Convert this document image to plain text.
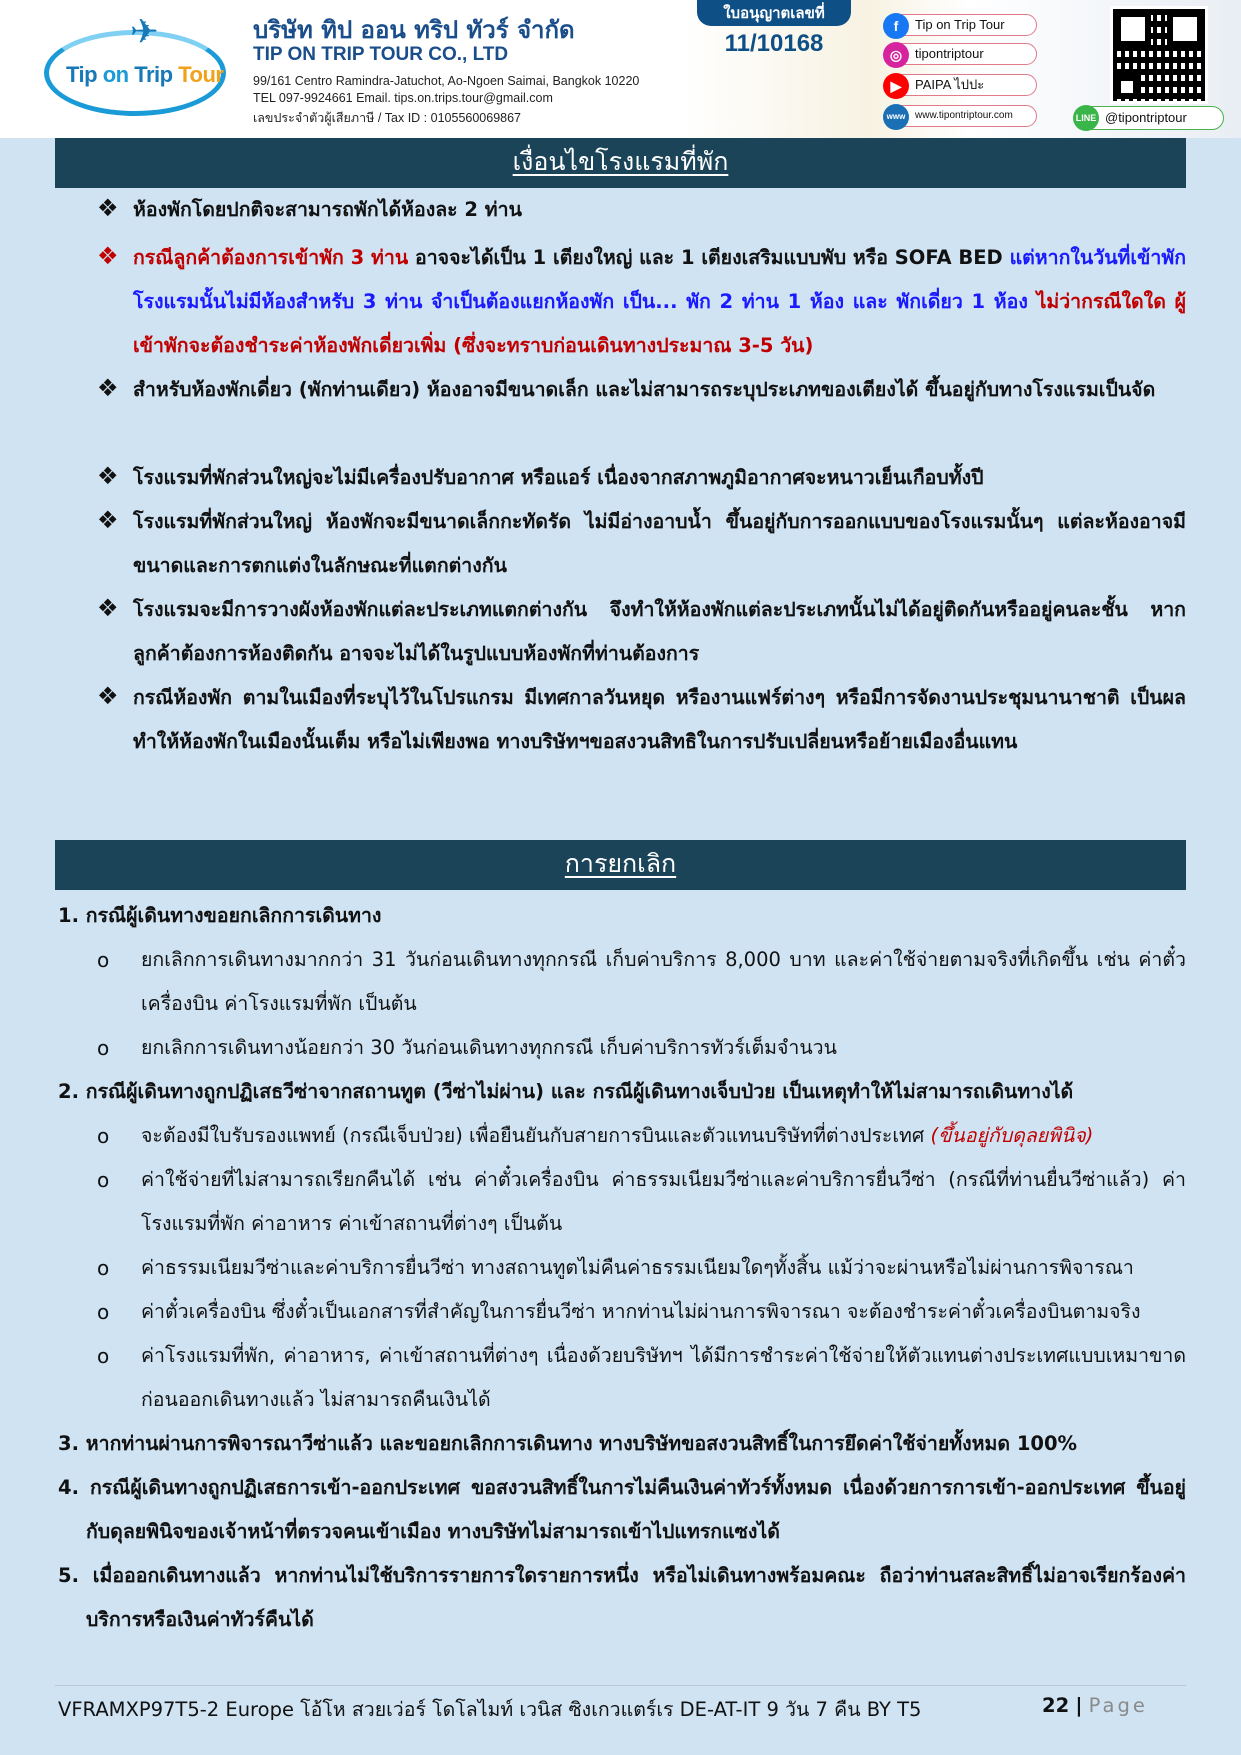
✈
Tip on Trip Tour
บริษัท ทิป ออน ทริป ทัวร์ จำกัด
TIP ON TRIP TOUR CO., LTD
99/161 Centro Ramindra-Jatuchot, Ao-Ngoen Saimai, Bangkok 10220
TEL 097-9924661 Email. tips.on.trips.tour@gmail.com
เลขประจำตัวผู้เสียภาษี / Tax ID : 0105560069867
ใบอนุญาตเลขที่
11/10168
f	Tip on Trip Tour
◎ tipontriptour
▶	PAIPA ไปปะ
www www.tipontriptour.com	LINE @tipontriptour
เงื่อนไขโรงแรมที่พัก
❖ ห้องพักโดยปกติจะสามารถพักได้ห้องละ 2 ท่าน
❖ กรณีลูกค้าต้องการเข้าพัก 3 ท่าน อาจจะได้เป็น 1 เตียงใหญ่ และ 1 เตียงเสริมแบบพับ หรือ SOFA BED แต่หากในวันที่เข้าพักโรงแรมนั้นไม่มีห้องสำหรับ 3 ท่าน จำเป็นต้องแยกห้องพัก เป็น... พัก 2 ท่าน 1 ห้อง และ พักเดี่ยว 1 ห้อง ไม่ว่ากรณีใดใด ผู้เข้าพักจะต้องชำระค่าห้องพักเดี่ยวเพิ่ม (ซึ่งจะทราบก่อนเดินทางประมาณ 3-5 วัน)
❖ สำหรับห้องพักเดี่ยว (พักท่านเดียว) ห้องอาจมีขนาดเล็ก และไม่สามารถระบุประเภทของเตียงได้ ขึ้นอยู่กับทางโรงแรมเป็นจัด
❖ โรงแรมที่พักส่วนใหญ่จะไม่มีเครื่องปรับอากาศ หรือแอร์ เนื่องจากสภาพภูมิอากาศจะหนาวเย็นเกือบทั้งปี
❖ โรงแรมที่พักส่วนใหญ่ ห้องพักจะมีขนาดเล็กกะทัดรัด ไม่มีอ่างอาบน้ำ ขึ้นอยู่กับการออกแบบของโรงแรมนั้นๆ แต่ละห้องอาจมีขนาดและการตกแต่งในลักษณะที่แตกต่างกัน
❖ โรงแรมจะมีการวางผังห้องพักแต่ละประเภทแตกต่างกัน จึงทำให้ห้องพักแต่ละประเภทนั้นไม่ได้อยู่ติดกันหรืออยู่คนละชั้น หากลูกค้าต้องการห้องติดกัน อาจจะไม่ได้ในรูปแบบห้องพักที่ท่านต้องการ
❖ กรณีห้องพัก ตามในเมืองที่ระบุไว้ในโปรแกรม มีเทศกาลวันหยุด หรืองานแฟร์ต่างๆ หรือมีการจัดงานประชุมนานาชาติ เป็นผลทำให้ห้องพักในเมืองนั้นเต็ม หรือไม่เพียงพอ ทางบริษัทฯขอสงวนสิทธิในการปรับเปลี่ยนหรือย้ายเมืองอื่นแทน
การยกเลิก
1. กรณีผู้เดินทางขอยกเลิกการเดินทาง
o	ยกเลิกการเดินทางมากกว่า 31 วันก่อนเดินทางทุกกรณี เก็บค่าบริการ 8,000 บาท และค่าใช้จ่ายตามจริงที่เกิดขึ้น เช่น ค่าตั๋วเครื่องบิน ค่าโรงแรมที่พัก เป็นต้น
o	ยกเลิกการเดินทางน้อยกว่า 30 วันก่อนเดินทางทุกกรณี เก็บค่าบริการทัวร์เต็มจำนวน
2. กรณีผู้เดินทางถูกปฏิเสธวีซ่าจากสถานทูต (วีซ่าไม่ผ่าน) และ กรณีผู้เดินทางเจ็บป่วย เป็นเหตุทำให้ไม่สามารถเดินทางได้
o	จะต้องมีใบรับรองแพทย์ (กรณีเจ็บป่วย) เพื่อยืนยันกับสายการบินและตัวแทนบริษัทที่ต่างประเทศ (ขึ้นอยู่กับดุลยพินิจ)
o	ค่าใช้จ่ายที่ไม่สามารถเรียกคืนได้ เช่น ค่าตั๋วเครื่องบิน ค่าธรรมเนียมวีซ่าและค่าบริการยื่นวีซ่า (กรณีที่ท่านยื่นวีซ่าแล้ว) ค่าโรงแรมที่พัก ค่าอาหาร ค่าเข้าสถานที่ต่างๆ เป็นต้น
o	ค่าธรรมเนียมวีซ่าและค่าบริการยื่นวีซ่า ทางสถานทูตไม่คืนค่าธรรมเนียมใดๆทั้งสิ้น แม้ว่าจะผ่านหรือไม่ผ่านการพิจารณา
o	ค่าตั๋วเครื่องบิน ซึ่งตั๋วเป็นเอกสารที่สำคัญในการยื่นวีซ่า หากท่านไม่ผ่านการพิจารณา จะต้องชำระค่าตั๋วเครื่องบินตามจริง
o	ค่าโรงแรมที่พัก, ค่าอาหาร, ค่าเข้าสถานที่ต่างๆ เนื่องด้วยบริษัทฯ ได้มีการชำระค่าใช้จ่ายให้ตัวแทนต่างประเทศแบบเหมาขาดก่อนออกเดินทางแล้ว ไม่สามารถคืนเงินได้
3. หากท่านผ่านการพิจารณาวีซ่าแล้ว และขอยกเลิกการเดินทาง ทางบริษัทขอสงวนสิทธิ์ในการยึดค่าใช้จ่ายทั้งหมด 100%
4. กรณีผู้เดินทางถูกปฏิเสธการเข้า-ออกประเทศ ขอสงวนสิทธิ์ในการไม่คืนเงินค่าทัวร์ทั้งหมด เนื่องด้วยการการเข้า-ออกประเทศ ขึ้นอยู่กับดุลยพินิจของเจ้าหน้าที่ตรวจคนเข้าเมือง ทางบริษัทไม่สามารถเข้าไปแทรกแซงได้
5. เมื่อออกเดินทางแล้ว หากท่านไม่ใช้บริการรายการใดรายการหนึ่ง หรือไม่เดินทางพร้อมคณะ ถือว่าท่านสละสิทธิ์ไม่อาจเรียกร้องค่าบริการหรือเงินค่าทัวร์คืนได้
VFRAMXP97T5-2 Europe โอ้โห สวยเว่อร์ โดโลไมท์ เวนิส ซิงเกวแตร์เร DE-AT-IT 9 วัน 7 คืน BY T5	22 | Page
